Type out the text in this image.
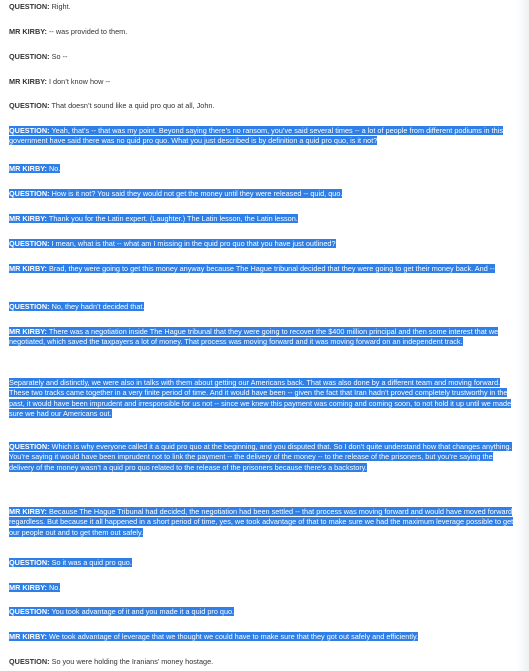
QUESTION: Right.

MR KIRBY: -- was provided to them.

QUESTION: So --

MR KIRBY: I don’t know how --

QUESTION: That doesn’t sound like a quid pro quo at all, John.

QUESTION: Yeah, that’s -- that was my point. Beyond saying there’s no ransom, you’ve said several times -- a lot of people from different podiums in this government have said there was no quid pro quo. What you just described is by definition a quid pro quo, is it not?

MR KIRBY: No.

QUESTION: How is it not? You said they would not get the money until they were released -- quid, quo.

MR KIRBY: Thank you for the Latin expert. (Laughter.) The Latin lesson, the Latin lesson.

QUESTION: I mean, what is that -- what am I missing in the quid pro quo that you have just outlined?

MR KIRBY: Brad, they were going to get this money anyway because The Hague tribunal decided that they were going to get their money back. And --

QUESTION: No, they hadn’t decided that.

MR KIRBY: There was a negotiation inside The Hague tribunal that they were going to recover the $400 million principal and then some interest that we negotiated, which saved the taxpayers a lot of money. That process was moving forward and it was moving forward on an independent track.

Separately and distinctly, we were also in talks with them about getting our Americans back. That was also done by a different team and moving forward. These two tracks came together in a very finite period of time. And it would have been -- given the fact that Iran hadn’t proved completely trustworthy in the past, it would have been imprudent and irresponsible for us not -- since we knew this payment was coming and coming soon, to not hold it up until we made sure we had our Americans out.

QUESTION: Which is why everyone called it a quid pro quo at the beginning, and you disputed that. So I don’t quite understand how that changes anything. You’re saying it would have been imprudent not to link the payment -- the delivery of the money -- to the release of the prisoners, but you’re saying the delivery of the money wasn’t a quid pro quo related to the release of the prisoners because there’s a backstory.

MR KIRBY: Because The Hague Tribunal had decided, the negotiation had been settled -- that process was moving forward and would have moved forward regardless. But because it all happened in a short period of time, yes, we took advantage of that to make sure we had the maximum leverage possible to get our people out and to get them out safely.

QUESTION: So it was a quid pro quo.

MR KIRBY: No.

QUESTION: You took advantage of it and you made it a quid pro quo.

MR KIRBY: We took advantage of leverage that we thought we could have to make sure that they got out safely and efficiently.

QUESTION: So you were holding the Iranians’ money hostage.
